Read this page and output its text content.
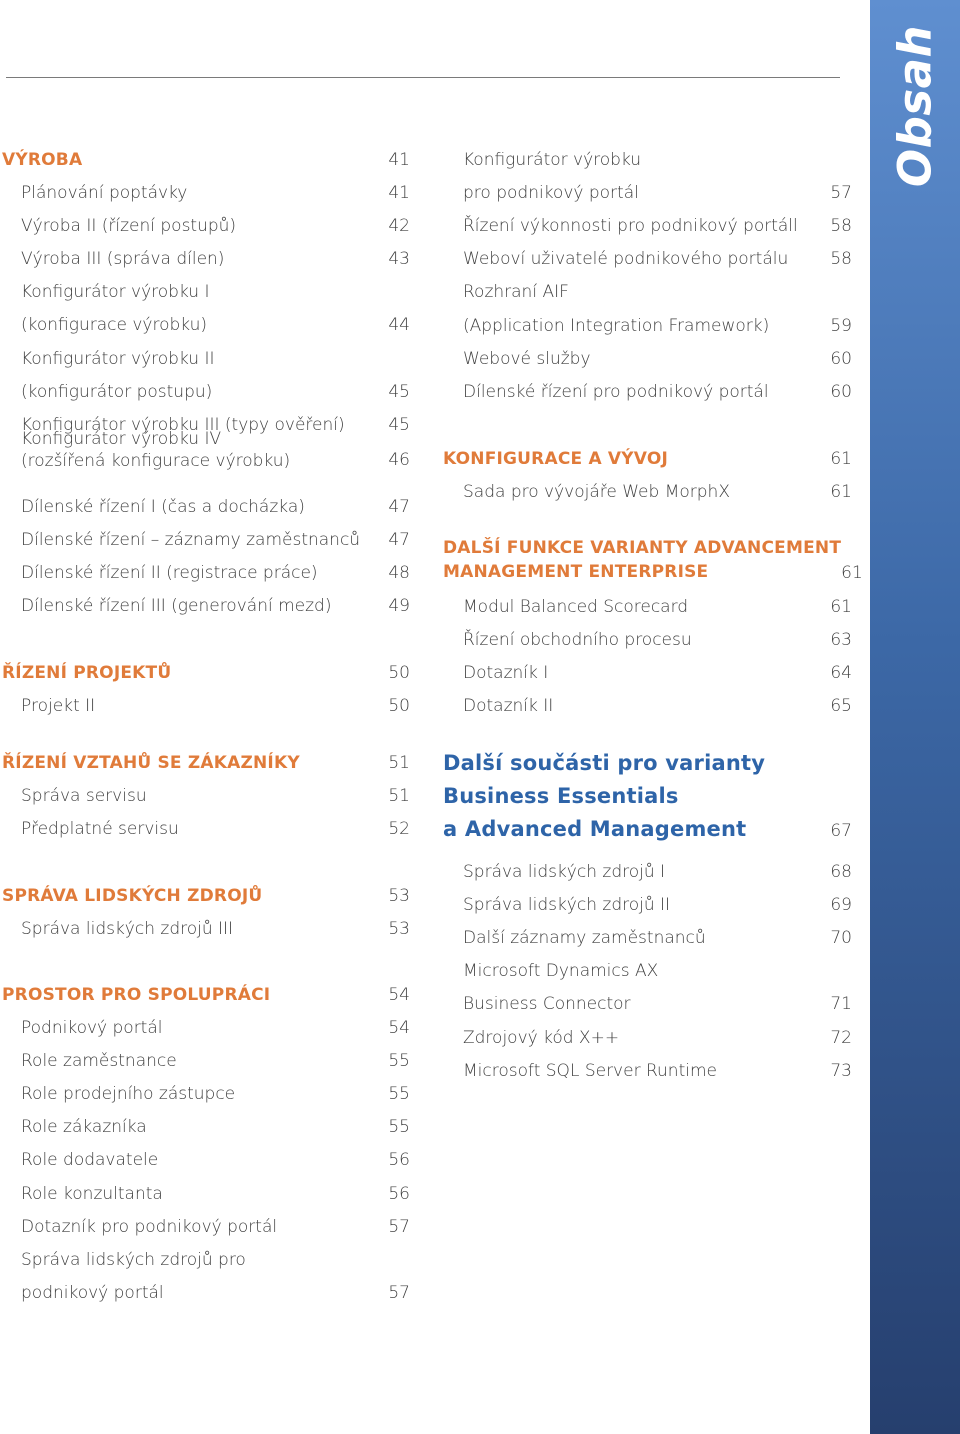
Obsah
VÝROBA	41
Plánování poptávky	41
Výroba II (řízení postupů)	42
Výroba III (správa dílen)	43
Konfigurátor výrobku I
(konfigurace výrobku)	44
Konfigurátor výrobku II
(konfigurátor postupu)	45
Konfigurátor výrobku III (typy ověření)	45
Konfigurátor výrobku IV
(rozšířená konfigurace výrobku)	46
Dílenské řízení I (čas a docházka)	47
Dílenské řízení – záznamy zaměstnanců 47
Dílenské řízení II (registrace práce)	48
Dílenské řízení III (generování mezd)	49
ŘÍZENÍ PROJEKTŮ	50
Projekt II	50
ŘÍZENÍ VZTAHŮ SE ZÁKAZNÍKY	51
Správa servisu	51
Předplatné servisu	52
SPRÁVA LIDSKÝCH ZDROJŮ	53
Správa lidských zdrojů III	53
PROSTOR PRO SPOLUPRÁCI	54
Podnikový portál	54
Role zaměstnance	55
Role prodejního zástupce	55
Role zákazníka	55
Role dodavatele	56
Role konzultanta	56
Dotazník pro podnikový portál	57
Správa lidských zdrojů pro
podnikový portál	57
Konfigurátor výrobku
pro podnikový portál	57
Řízení výkonnosti pro podnikový portáll 58
Weboví uživatelé podnikového portálu 58
Rozhraní AIF
(Application Integration Framework)	59
Webové služby	60
Dílenské řízení pro podnikový portál	60
KONFIGURACE A VÝVOJ	61
Sada pro vývojáře Web MorphX	61
DALŠÍ FUNKCE VARIANTY ADVANCEMENT
MANAGEMENT ENTERPRISE	61
Modul Balanced Scorecard	61
Řízení obchodního procesu	63
Dotazník I	64
Dotazník II	65
Další součásti pro varianty
Business Essentials
a Advanced Management	67
Správa lidských zdrojů I	68
Správa lidských zdrojů II	69
Další záznamy zaměstnanců	70
Microsoft Dynamics AX
Business Connector	71
Zdrojový kód X++	72
Microsoft SQL Server Runtime	73
